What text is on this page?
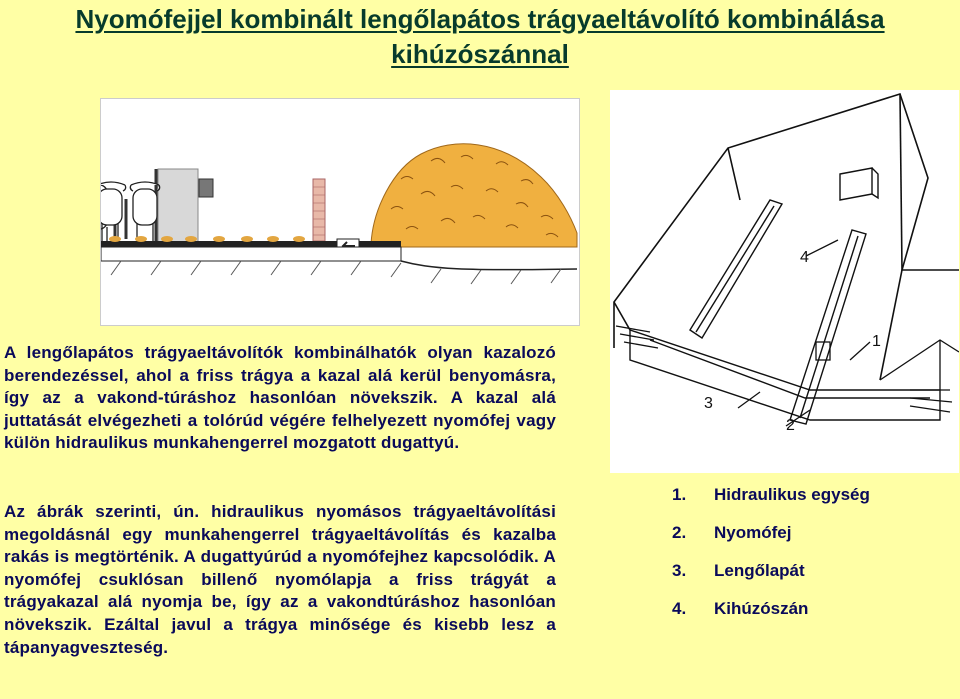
Nyomófejjel kombinált lengőlapátos trágyaeltávolító kombinálása
kihúzószánnal
4
1
2
3

A lengőlapátos trágyaeltávolítók kombinálhatók olyan kazalozó berendezéssel, ahol a friss trágya a kazal alá kerül benyomásra, így az a vakond-túráshoz hasonlóan növekszik. A kazal alá juttatását elvégezheti a tolórúd végére felhelyezett nyomófej vagy külön hidraulikus munkahengerrel mozgatott dugattyú.

Az ábrák szerinti, ún. hidraulikus nyomásos trágyaeltávolítási megoldásnál egy munkahengerrel trágyaeltávolítás és kazalba rakás is megtörténik. A dugattyúrúd a nyomófejhez kapcsolódik. A nyomófej csuklósan billenő nyomólapja a friss trágyát a trágyakazal alá nyomja be, így az a vakondtúráshoz hasonlóan növekszik. Ezáltal javul a trágya minősége és kisebb lesz a tápanyagveszteség.

1. Hidraulikus egység
2. Nyomófej
3. Lengőlapát
4. Kihúzószán
